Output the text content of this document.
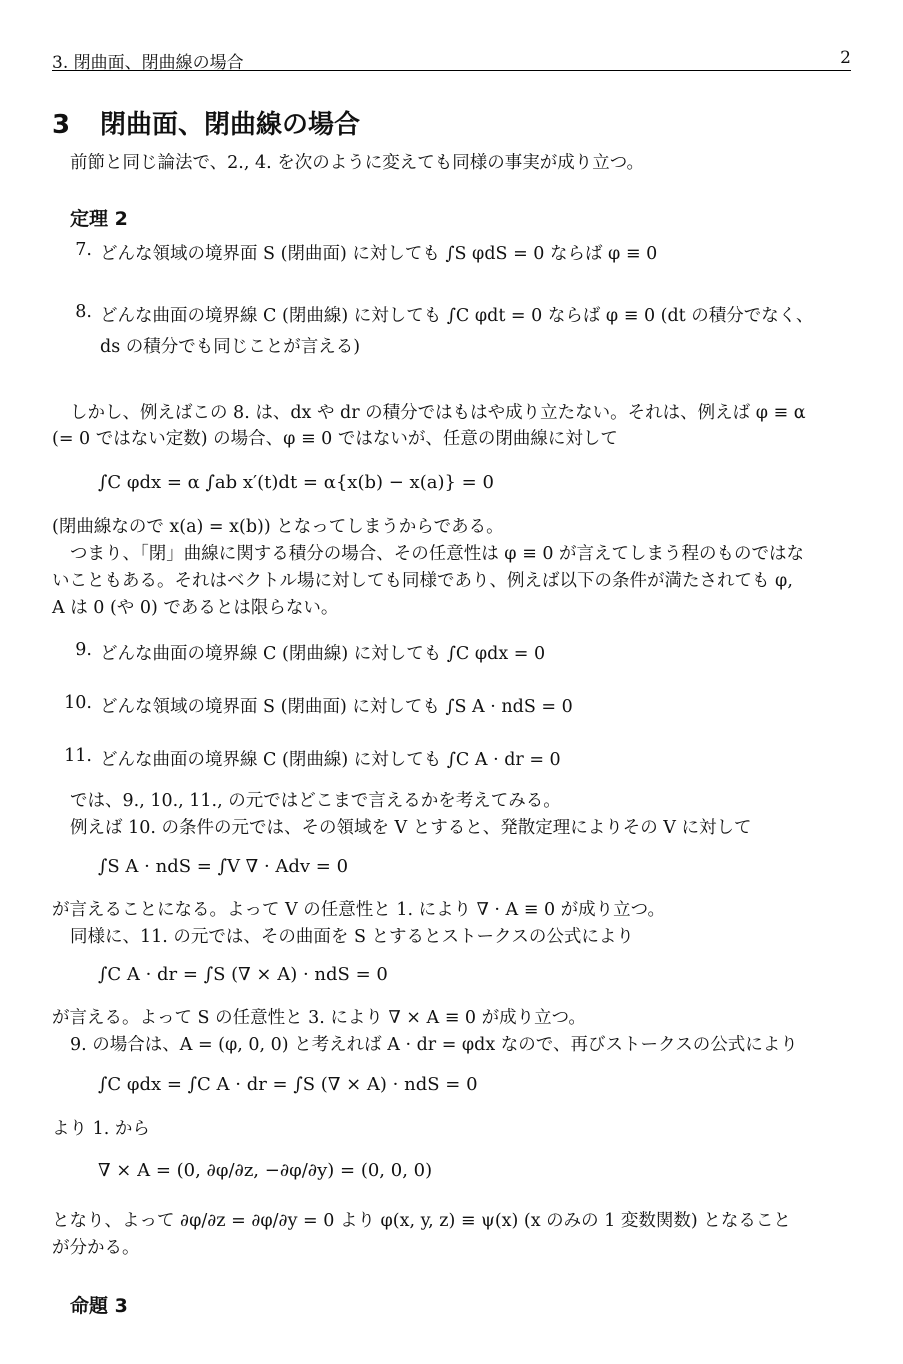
3. 閉曲面、閉曲線の場合	2
3 閉曲面、閉曲線の場合
前節と同じ論法で、2., 4. を次のように変えても同様の事実が成り立つ。
定理 2
7. どんな領域の境界面 S (閉曲面) に対しても ∫S φdS = 0 ならば φ ≡ 0
8. どんな曲面の境界線 C (閉曲線) に対しても ∫C φdt = 0 ならば φ ≡ 0 (dt の積分でなく、
ds の積分でも同じことが言える)
しかし、例えばこの 8. は、dx や dr の積分ではもはや成り立たない。それは、例えば φ ≡ α
(= 0 ではない定数) の場合、φ ≡ 0 ではないが、任意の閉曲線に対して
∫C φdx = α ∫ab x′(t)dt = α{x(b) − x(a)} = 0
(閉曲線なので x(a) = x(b)) となってしまうからである。
つまり、「閉」曲線に関する積分の場合、その任意性は φ ≡ 0 が言えてしまう程のものではな
いこともある。それはベクトル場に対しても同様であり、例えば以下の条件が満たされても φ,
A は 0 (や 0) であるとは限らない。
9. どんな曲面の境界線 C (閉曲線) に対しても ∫C φdx = 0
10. どんな領域の境界面 S (閉曲面) に対しても ∫S A · ndS = 0
11. どんな曲面の境界線 C (閉曲線) に対しても ∫C A · dr = 0
では、9., 10., 11., の元ではどこまで言えるかを考えてみる。
例えば 10. の条件の元では、その領域を V とすると、発散定理によりその V に対して
∫S A · ndS = ∫V ∇ · Adv = 0
が言えることになる。よって V の任意性と 1. により ∇ · A ≡ 0 が成り立つ。
同様に、11. の元では、その曲面を S とするとストークスの公式により
∫C A · dr = ∫S (∇ × A) · ndS = 0
が言える。よって S の任意性と 3. により ∇ × A ≡ 0 が成り立つ。
9. の場合は、A = (φ, 0, 0) と考えれば A · dr = φdx なので、再びストークスの公式により
∫C φdx = ∫C A · dr = ∫S (∇ × A) · ndS = 0
より 1. から
∇ × A = (0, ∂φ/∂z, −∂φ/∂y) = (0, 0, 0)
となり、よって ∂φ/∂z = ∂φ/∂y = 0 より φ(x, y, z) ≡ ψ(x) (x のみの 1 変数関数) となること
が分かる。
命題 3
